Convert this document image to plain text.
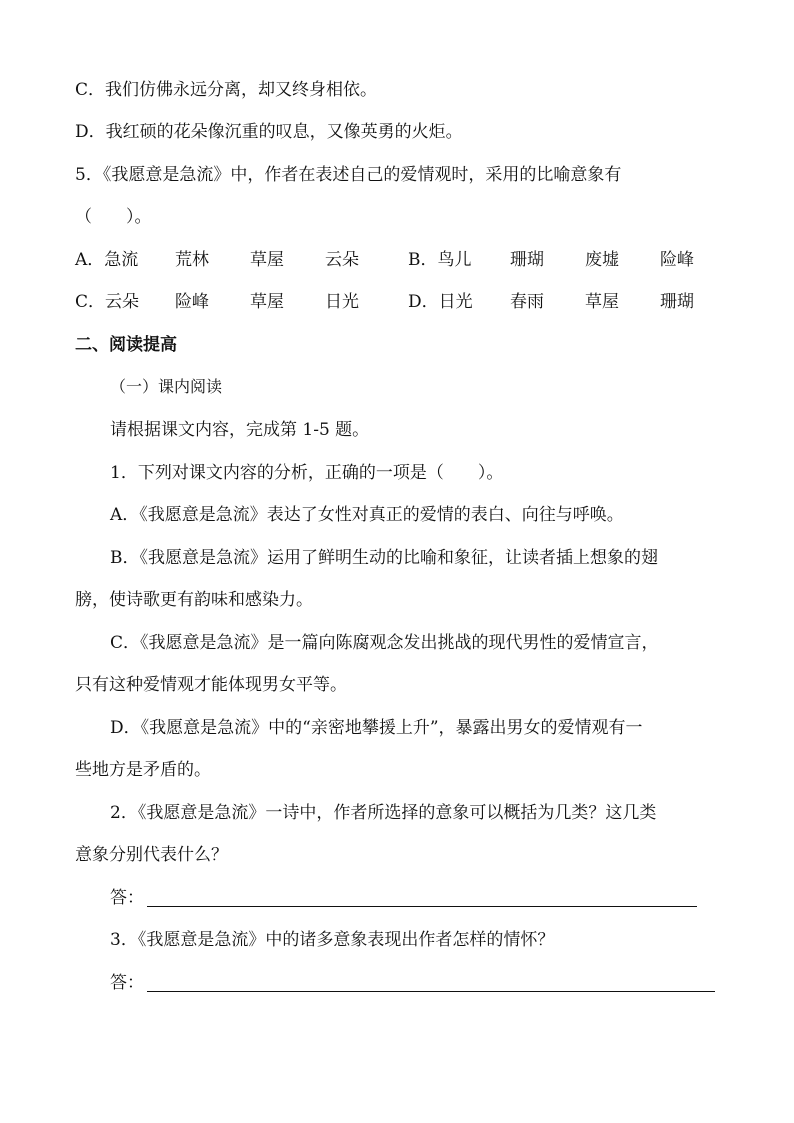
C．我们仿佛永远分离，却又终身相依。
D．我红硕的花朵像沉重的叹息，又像英勇的火炬。
5．《我愿意是急流》中，作者在表述自己的爱情观时，采用的比喻意象有
（　　）。
A．急流 荒林 草屋 云朵	B．鸟儿 珊瑚 废墟 险峰
C．云朵 险峰 草屋 日光	D．日光 春雨 草屋 珊瑚
二、阅读提高
（一）课内阅读
请根据课文内容，完成第 1-5 题。
1．下列对课文内容的分析，正确的一项是（　　）。
A．《我愿意是急流》表达了女性对真正的爱情的表白、向往与呼唤。
B．《我愿意是急流》运用了鲜明生动的比喻和象征，让读者插上想象的翅
膀，使诗歌更有韵味和感染力。
C．《我愿意是急流》是一篇向陈腐观念发出挑战的现代男性的爱情宣言，
只有这种爱情观才能体现男女平等。
D．《我愿意是急流》中的“亲密地攀援上升”，暴露出男女的爱情观有一
些地方是矛盾的。
2．《我愿意是急流》一诗中，作者所选择的意象可以概括为几类？这几类
意象分别代表什么？
答：
3．《我愿意是急流》中的诸多意象表现出作者怎样的情怀？
答：
